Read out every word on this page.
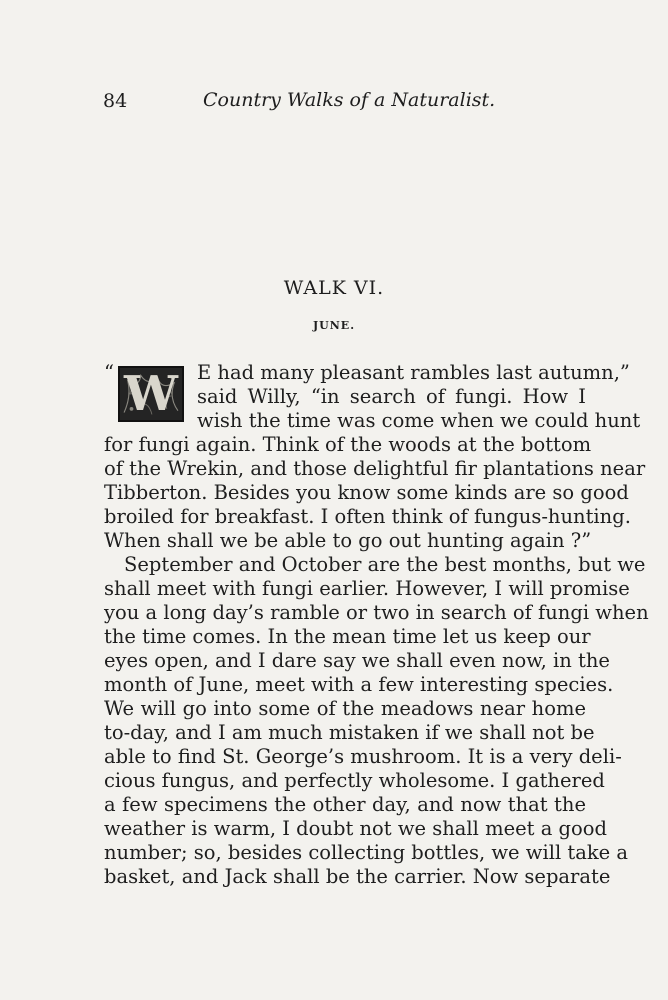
84	Country Walks of a Naturalist.
WALK VI.
JUNE.
“ W E had many pleasant rambles last autumn,”
said Willy, “in search of fungi. How I
wish the time was come when we could hunt
for fungi again. Think of the woods at the bottom
of the Wrekin, and those delightful fir plantations near
Tibberton. Besides you know some kinds are so good
broiled for breakfast. I often think of fungus-hunting.
When shall we be able to go out hunting again ?”
September and October are the best months, but we
shall meet with fungi earlier. However, I will promise
you a long day’s ramble or two in search of fungi when
the time comes. In the mean time let us keep our
eyes open, and I dare say we shall even now, in the
month of June, meet with a few interesting species.
We will go into some of the meadows near home
to-day, and I am much mistaken if we shall not be
able to find St. George’s mushroom. It is a very deli-
cious fungus, and perfectly wholesome. I gathered
a few specimens the other day, and now that the
weather is warm, I doubt not we shall meet a good
number; so, besides collecting bottles, we will take a
basket, and Jack shall be the carrier. Now separate
